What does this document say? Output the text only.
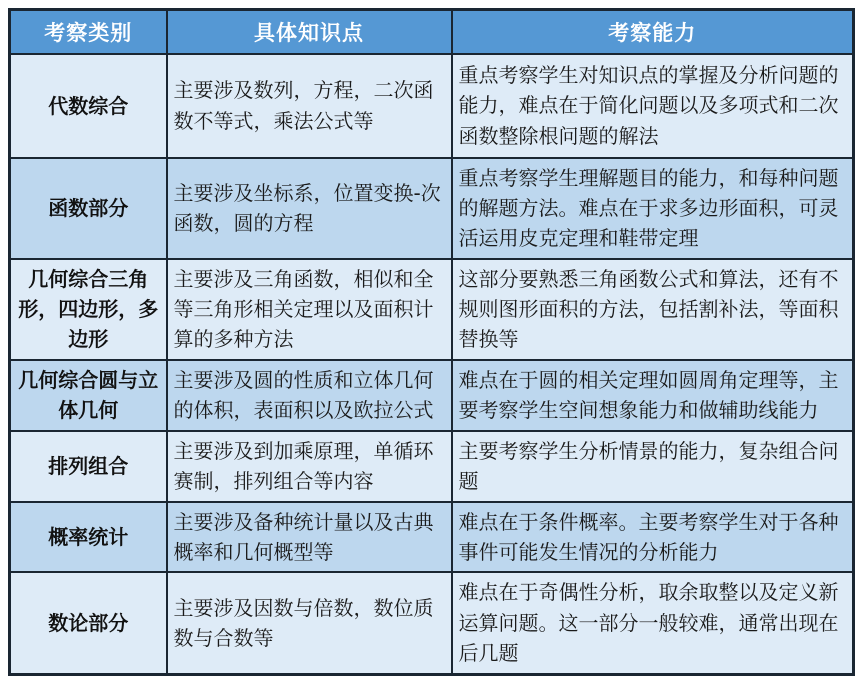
考察类别	具体知识点	考察能力
代数综合	主要涉及数列，方程，二次函数不等式，乘法公式等	重点考察学生对知识点的掌握及分析问题的能力，难点在于简化问题以及多项式和二次函数整除根问题的解法
函数部分	主要涉及坐标系，位置变换-次函数，圆的方程	重点考察学生理解题目的能力，和每种问题的解题方法。难点在于求多边形面积，可灵活运用皮克定理和鞋带定理
几何综合三角形，四边形，多边形	主要涉及三角函数，相似和全等三角形相关定理以及面积计算的多种方法	这部分要熟悉三角函数公式和算法，还有不规则图形面积的方法，包括割补法，等面积替换等
几何综合圆与立体几何	主要涉及圆的性质和立体几何的体积，表面积以及欧拉公式	难点在于圆的相关定理如圆周角定理等，主要考察学生空间想象能力和做辅助线能力
排列组合	主要涉及到加乘原理，单循环赛制，排列组合等内容	主要考察学生分析情景的能力，复杂组合问题
概率统计	主要涉及备种统计量以及古典概率和几何概型等	难点在于条件概率。主要考察学生对于各种事件可能发生情况的分析能力
数论部分	主要涉及因数与倍数，数位质数与合数等	难点在于奇偶性分析，取余取整以及定义新运算问题。这一部分一般较难，通常出现在后几题
